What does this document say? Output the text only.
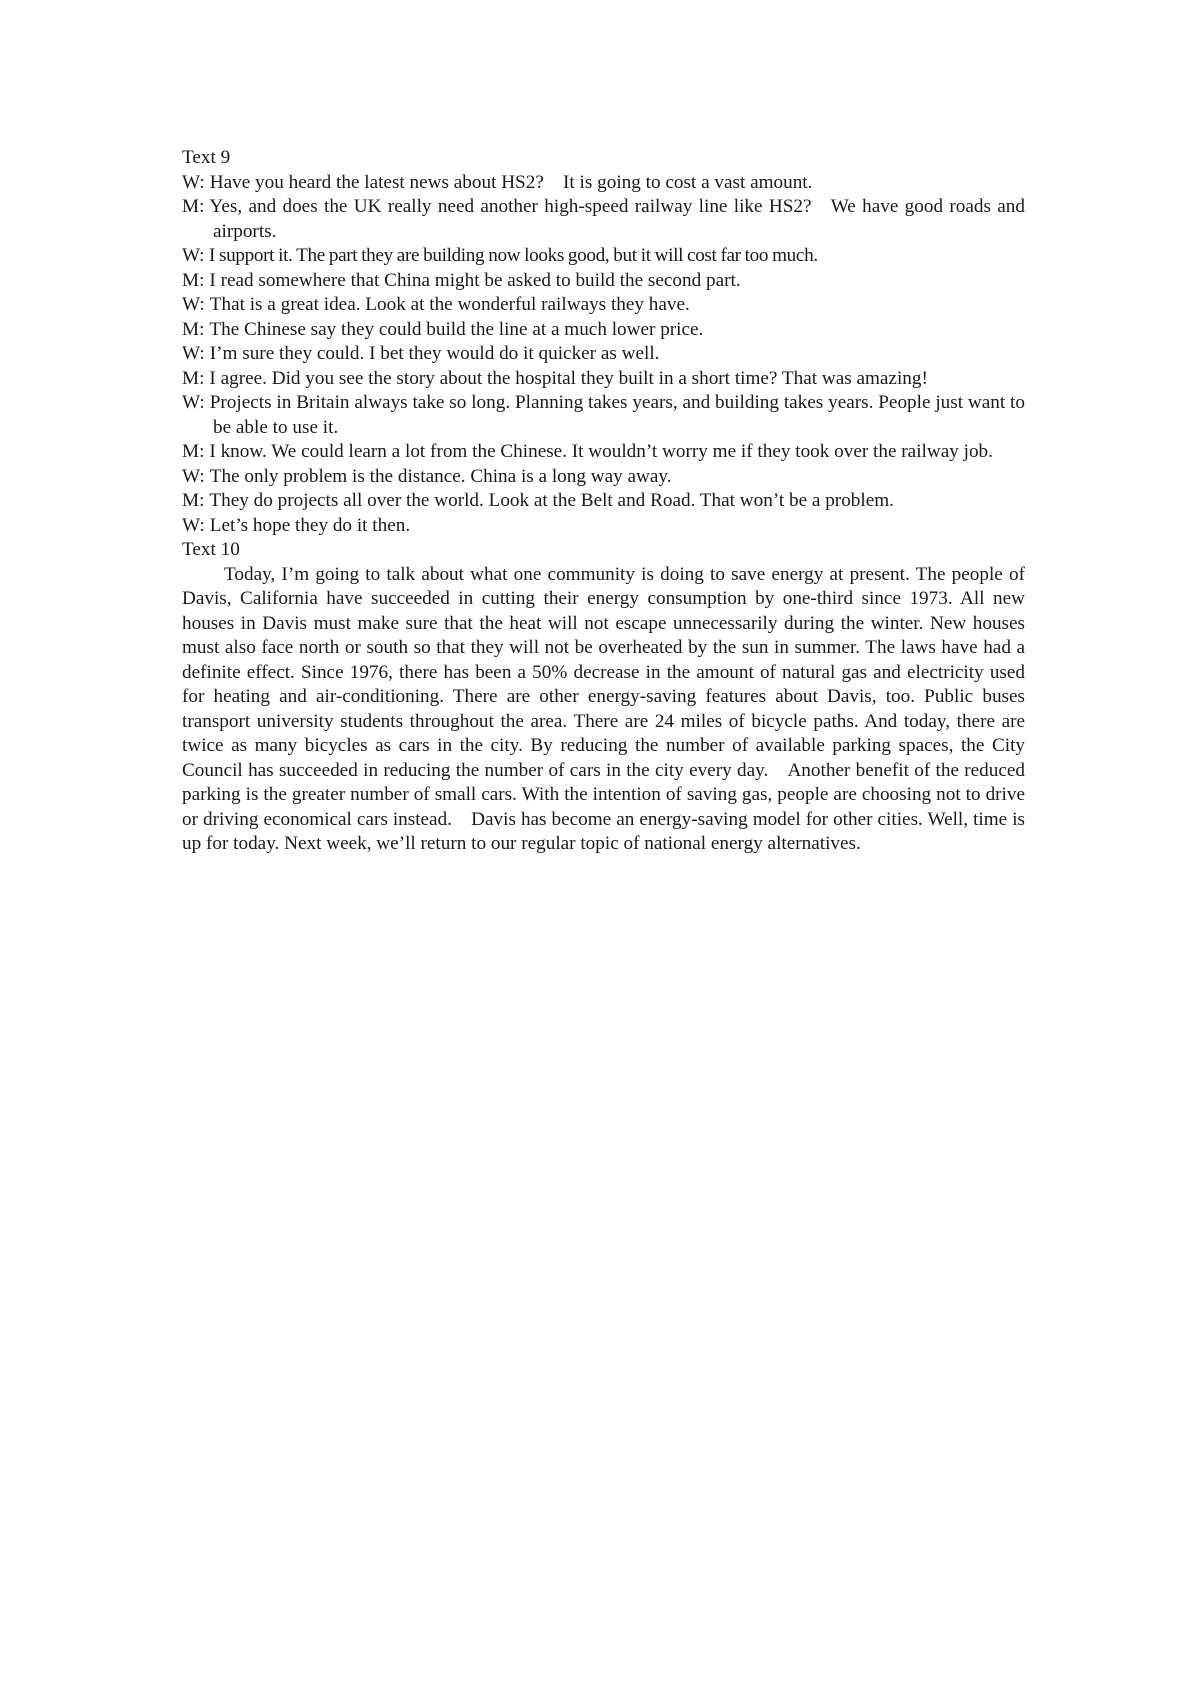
Text 9
W : Have you heard the latest news about HS2? It is going to cost a vast amount.
M : Yes, and does the UK really need another high-speed railway line like HS2? We have good roads and airports.
W : I support it. The part they are building now looks good, but it will cost far too much.
M : I read somewhere that China might be asked to build the second part.
W : That is a great idea. Look at the wonderful railways they have.
M : The Chinese say they could build the line at a much lower price.
W : I’m sure they could. I bet they would do it quicker as well.
M : I agree. Did you see the story about the hospital they built in a short time? That was amazing!
W : Projects in Britain always take so long. Planning takes years, and building takes years. People just want to be able to use it.
M : I know. We could learn a lot from the Chinese. It wouldn’t worry me if they took over the railway job.
W : The only problem is the distance. China is a long way away.
M : They do projects all over the world. Look at the Belt and Road. That won’t be a problem.
W : Let’s hope they do it then.
Text 10

Today, I’m going to talk about what one community is doing to save energy at present. The people of Davis, California have succeeded in cutting their energy consumption by one-third since 1973. All new houses in Davis must make sure that the heat will not escape unnecessarily during the winter. New houses must also face north or south so that they will not be overheated by the sun in summer. The laws have had a definite effect. Since 1976, there has been a 50% decrease in the amount of natural gas and electricity used for heating and air-conditioning. There are other energy-saving features about Davis, too. Public buses transport university students throughout the area. There are 24 miles of bicycle paths. And today, there are twice as many bicycles as cars in the city. By reducing the number of available parking spaces, the City Council has succeeded in reducing the number of cars in the city every day. Another benefit of the reduced parking is the greater number of small cars. With the intention of saving gas, people are choosing not to drive or driving economical cars instead. Davis has become an energy-saving model for other cities. Well, time is up for today. Next week, we’ll return to our regular topic of national energy alternatives.
